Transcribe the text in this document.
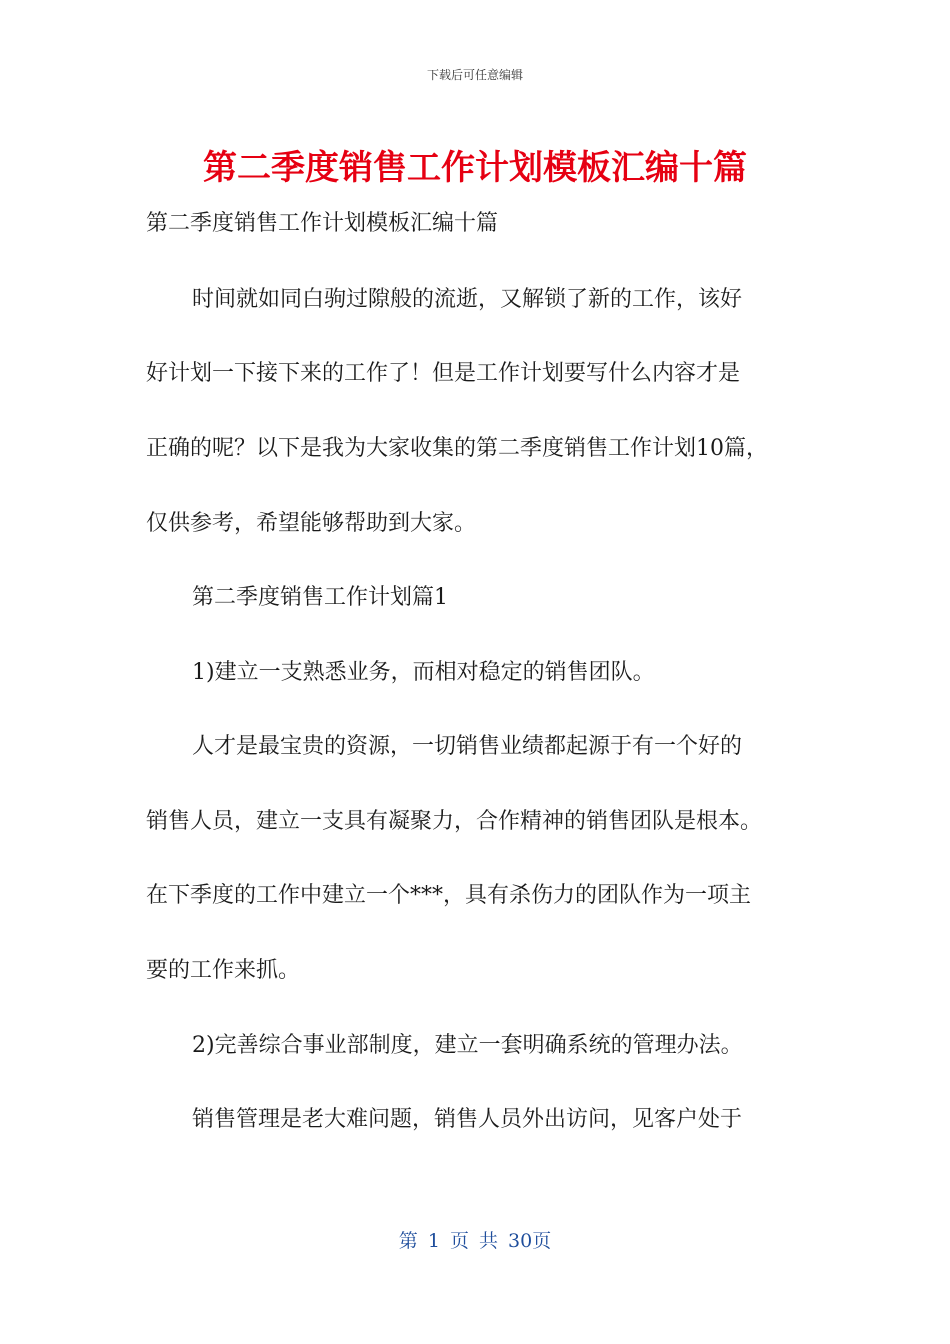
下载后可任意编辑
第二季度销售工作计划模板汇编十篇
第二季度销售工作计划模板汇编十篇
时间就如同白驹过隙般的流逝，又解锁了新的工作，该好
好计划一下接下来的工作了！但是工作计划要写什么内容才是
正确的呢？以下是我为大家收集的第二季度销售工作计划10篇，
仅供参考，希望能够帮助到大家。
第二季度销售工作计划篇1
1)建立一支熟悉业务，而相对稳定的销售团队。
人才是最宝贵的资源，一切销售业绩都起源于有一个好的
销售人员，建立一支具有凝聚力，合作精神的销售团队是根本。
在下季度的工作中建立一个***，具有杀伤力的团队作为一项主
要的工作来抓。
2)完善综合事业部制度，建立一套明确系统的管理办法。
销售管理是老大难问题，销售人员外出访问，见客户处于
第 1 页 共 30页
